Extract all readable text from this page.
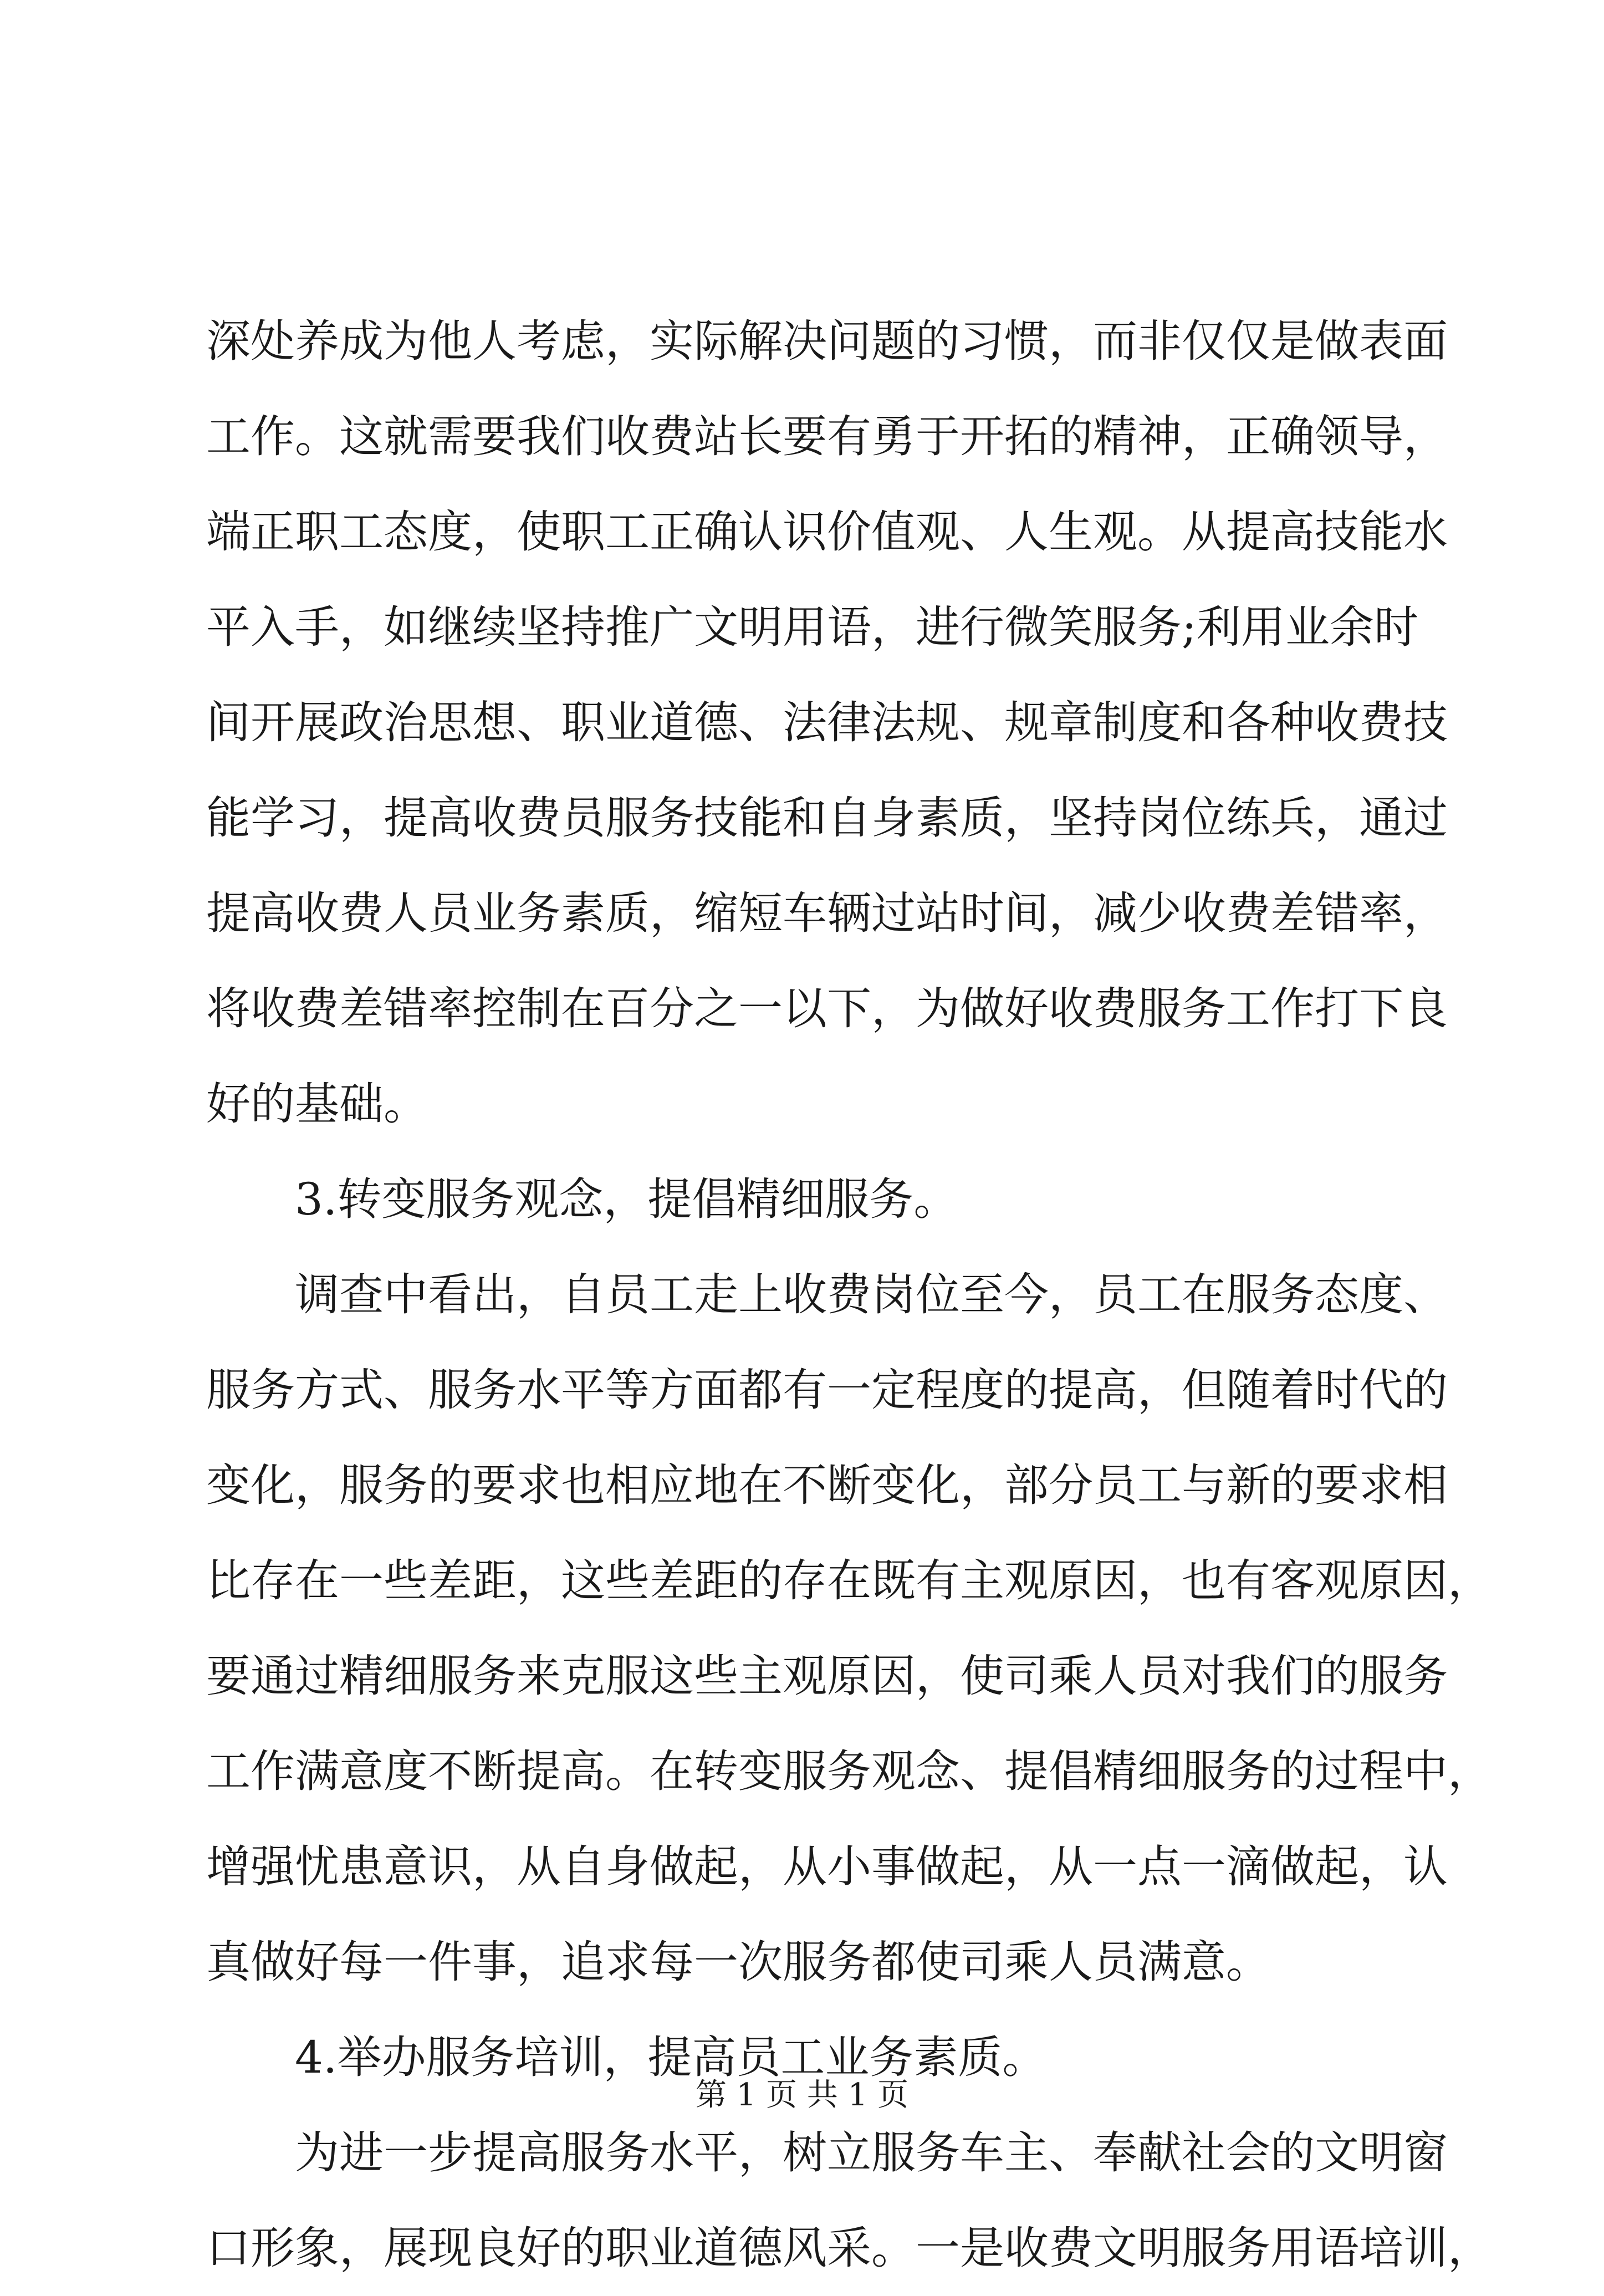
深处养成为他人考虑，实际解决问题的习惯，而非仅仅是做表面
工作。这就需要我们收费站长要有勇于开拓的精神，正确领导，
端正职工态度，使职工正确认识价值观、人生观。从提高技能水
平入手，如继续坚持推广文明用语，进行微笑服务;利用业余时
间开展政治思想、职业道德、法律法规、规章制度和各种收费技
能学习，提高收费员服务技能和自身素质，坚持岗位练兵，通过
提高收费人员业务素质，缩短车辆过站时间，减少收费差错率，
将收费差错率控制在百分之一以下，为做好收费服务工作打下良
好的基础。
3.转变服务观念，提倡精细服务。
调查中看出，自员工走上收费岗位至今，员工在服务态度、
服务方式、服务水平等方面都有一定程度的提高，但随着时代的
变化，服务的要求也相应地在不断变化，部分员工与新的要求相
比存在一些差距，这些差距的存在既有主观原因，也有客观原因，
要通过精细服务来克服这些主观原因，使司乘人员对我们的服务
工作满意度不断提高。在转变服务观念、提倡精细服务的过程中，
增强忧患意识，从自身做起，从小事做起，从一点一滴做起，认
真做好每一件事，追求每一次服务都使司乘人员满意。
4.举办服务培训，提高员工业务素质。
为进一步提高服务水平，树立服务车主、奉献社会的文明窗
口形象，展现良好的职业道德风采。一是收费文明服务用语培训，
第 1 页 共 1 页
